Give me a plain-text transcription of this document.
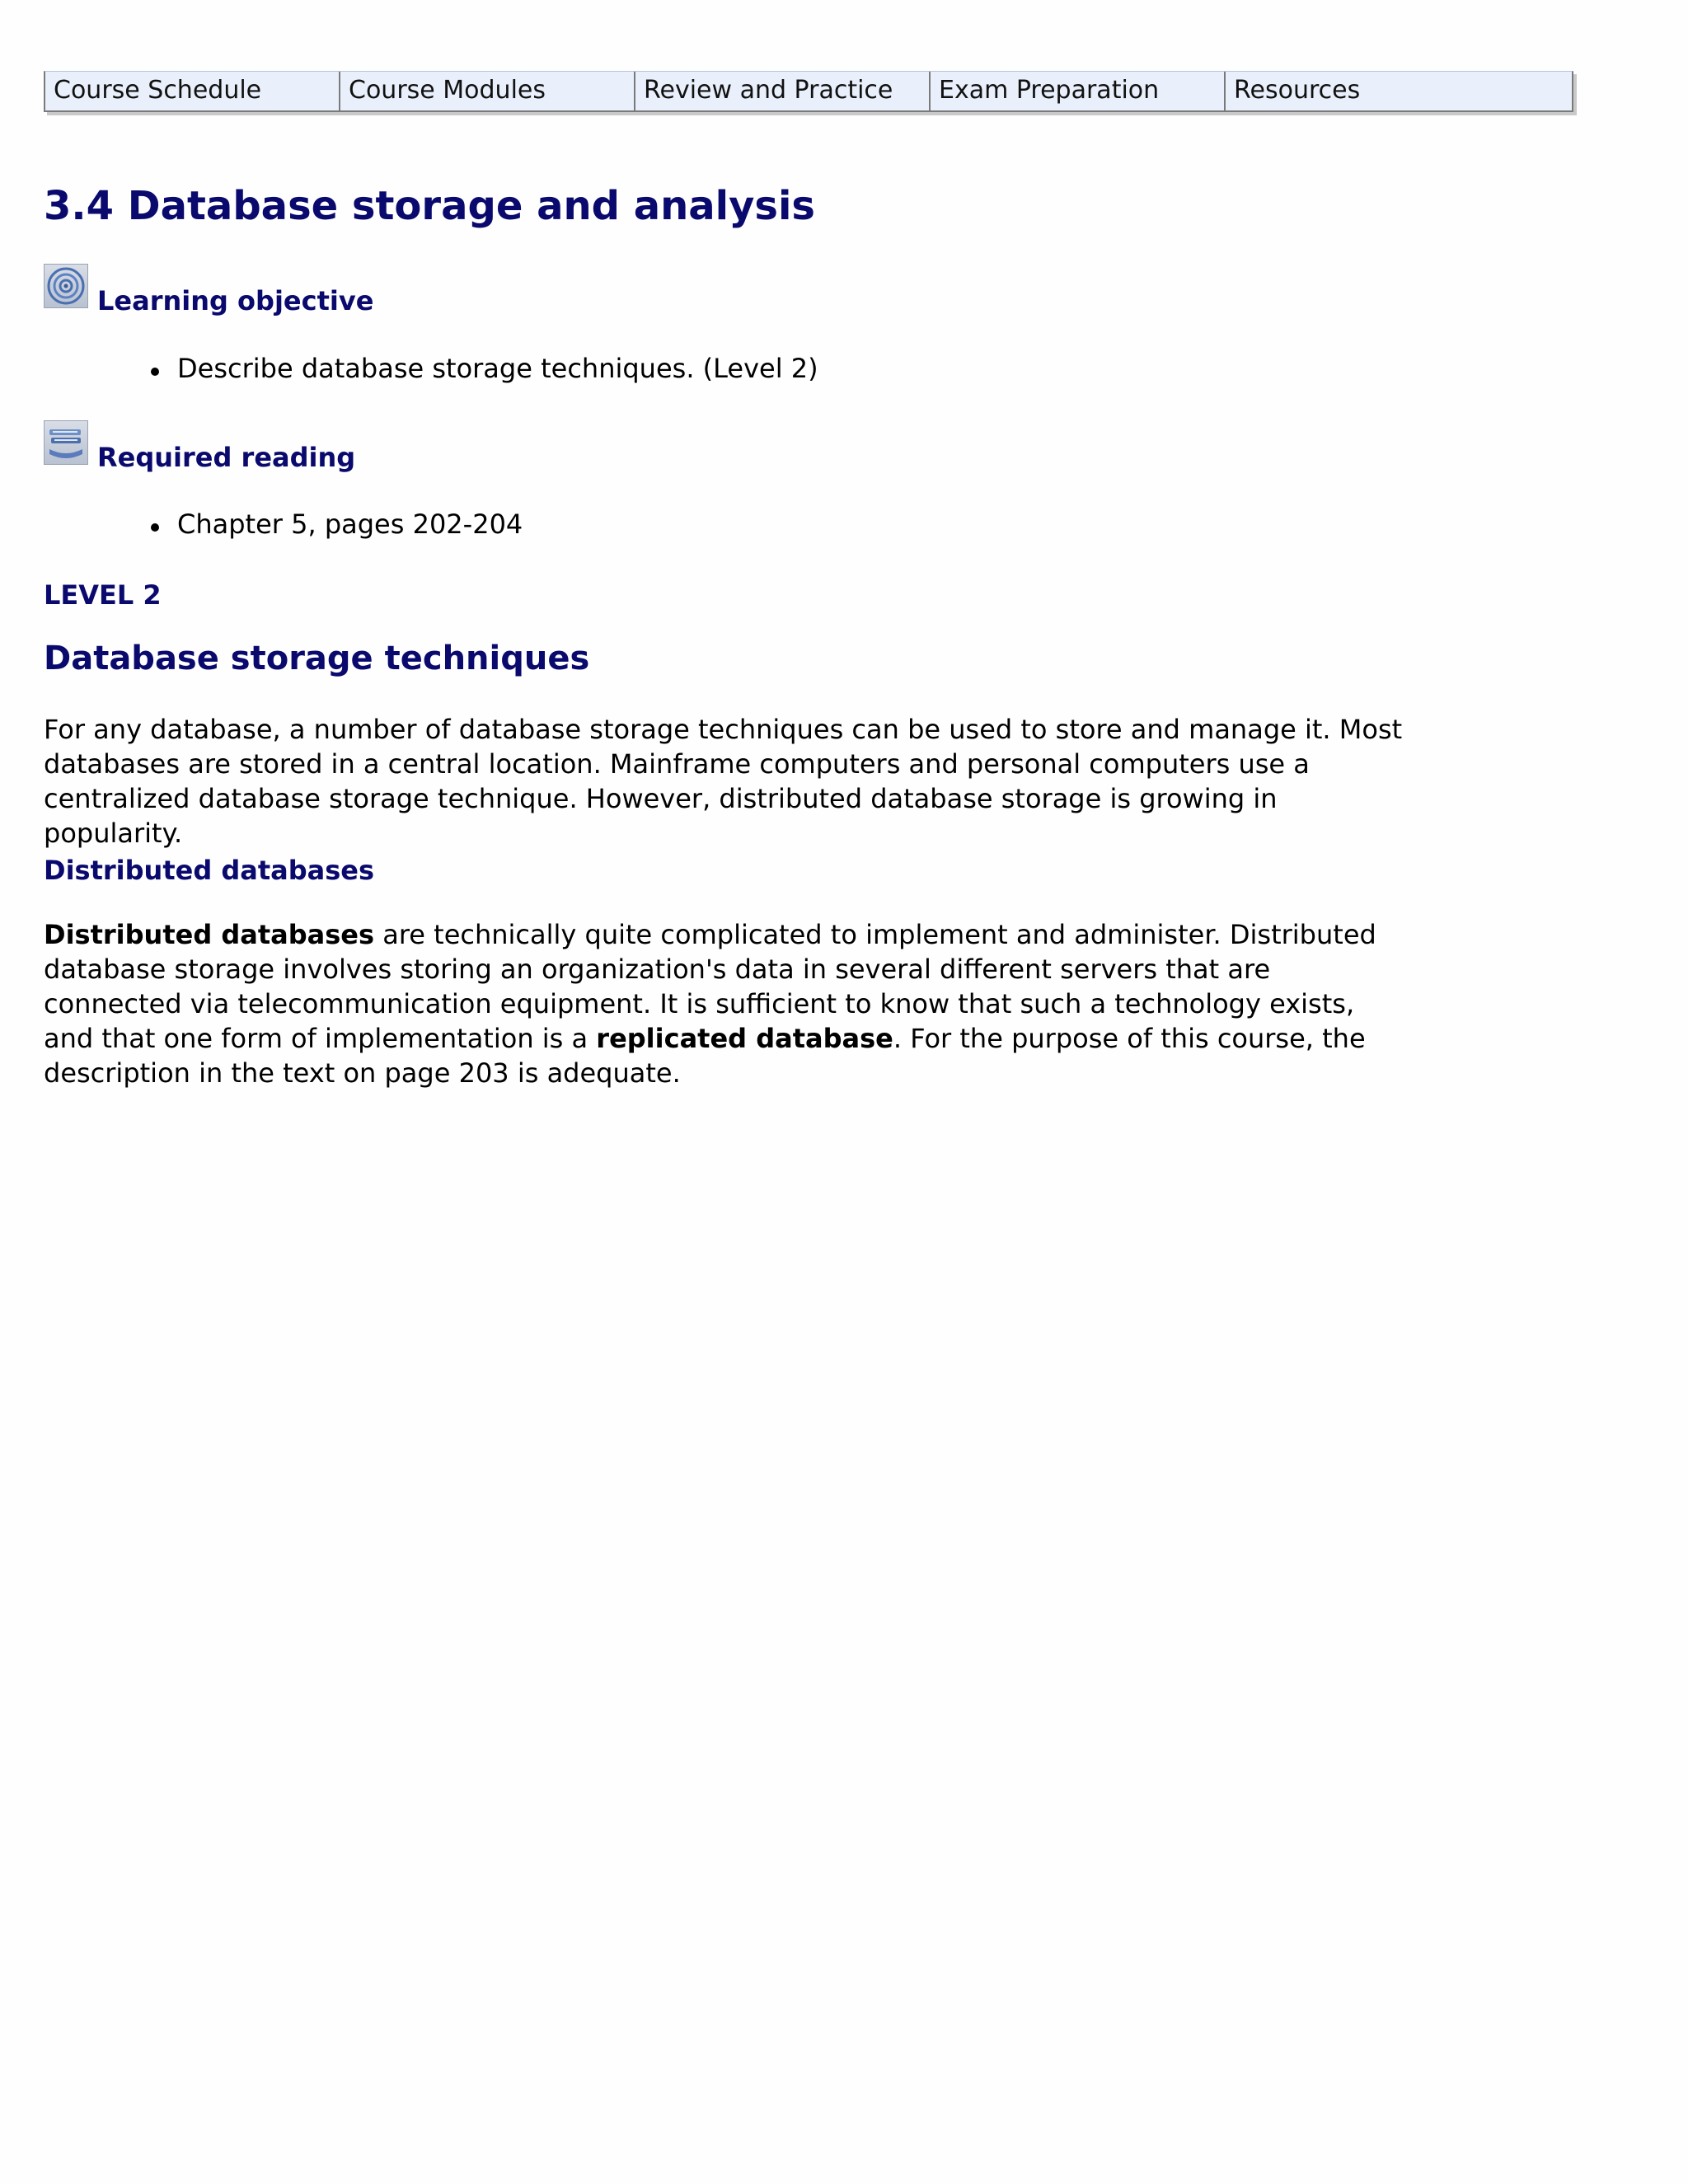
Course Schedule	Course Modules	Review and Practice	Exam Preparation	Resources
3.4 Database storage and analysis
Learning objective
Describe database storage techniques. (Level 2)
Required reading
Chapter 5, pages 202-204
LEVEL 2
Database storage techniques

For any database, a number of database storage techniques can be used to store and manage it. Most databases are stored in a central location. Mainframe computers and personal computers use a centralized database storage technique. However, distributed database storage is growing in popularity.

Distributed databases

Distributed databases are technically quite complicated to implement and administer. Distributed database storage involves storing an organization's data in several different servers that are connected via telecommunication equipment. It is sufficient to know that such a technology exists, and that one form of implementation is a replicated database. For the purpose of this course, the description in the text on page 203 is adequate.
